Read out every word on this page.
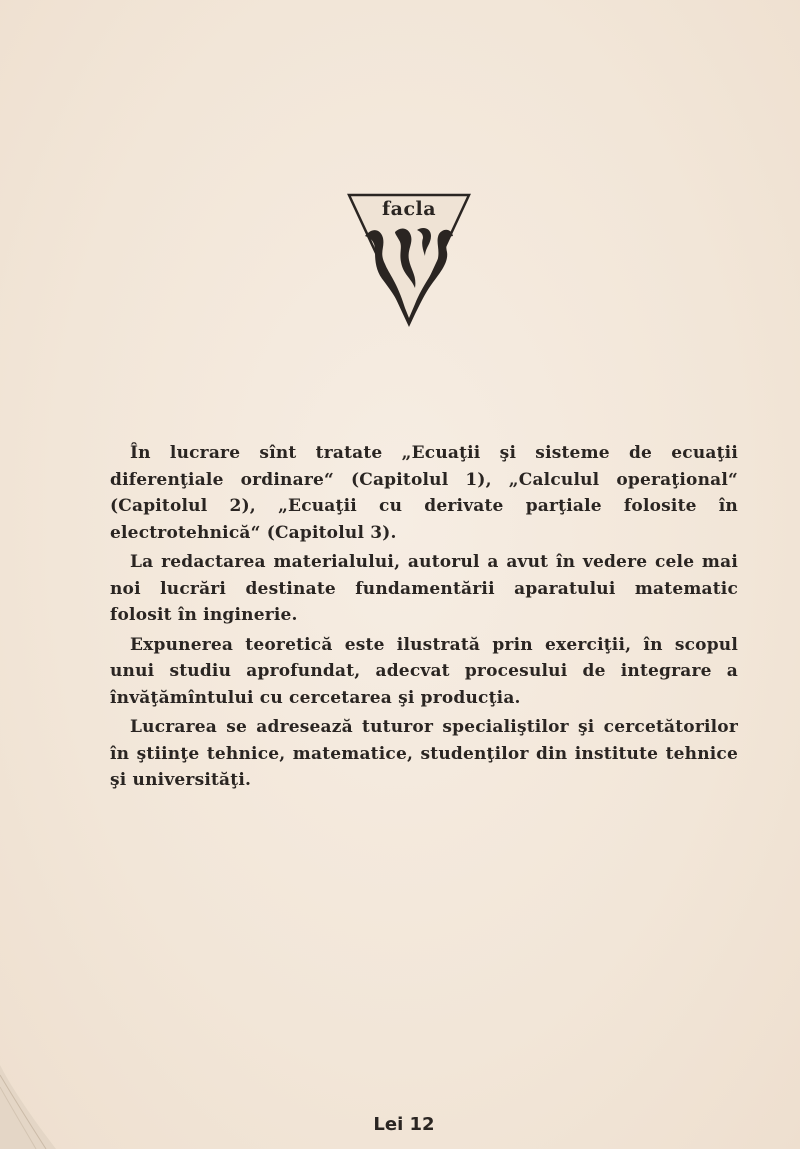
facla

În lucrare sînt tratate „Ecuaţii şi sisteme de ecuaţii diferenţiale ordinare“ (Capitolul 1), „Calculul operaţional“ (Capitolul 2), „Ecuaţii cu derivate parţiale folosite în electrotehnică“ (Capitolul 3).

La redactarea materialului, autorul a avut în vedere cele mai noi lucrări destinate fundamentării aparatului matematic folosit în inginerie.

Expunerea teoretică este ilustrată prin exerciţii, în scopul unui studiu aprofundat, adecvat procesului de integrare a învăţămîntului cu cercetarea şi producţia.

Lucrarea se adresează tuturor specialiştilor şi cercetătorilor în ştiinţe tehnice, matematice, studenţilor din institute tehnice şi universităţi.

Lei 12
